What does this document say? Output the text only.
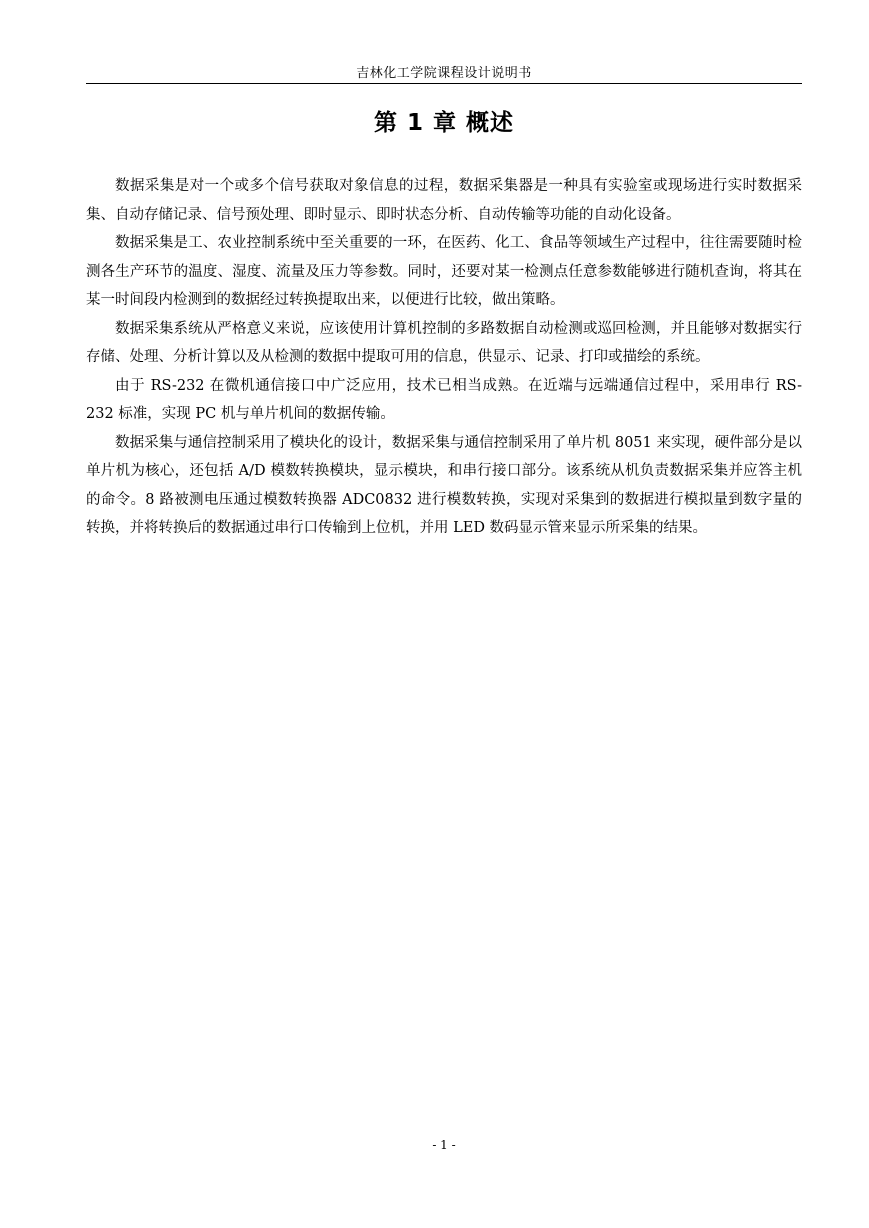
吉林化工学院课程设计说明书
第 1 章 概述

数据采集是对一个或多个信号获取对象信息的过程，数据采集器是一种具有实验室或现场进行实时数据采集、自动存储记录、信号预处理、即时显示、即时状态分析、自动传输等功能的自动化设备。

数据采集是工、农业控制系统中至关重要的一环，在医药、化工、食品等领域生产过程中，往往需要随时检测各生产环节的温度、湿度、流量及压力等参数。同时，还要对某一检测点任意参数能够进行随机查询，将其在某一时间段内检测到的数据经过转换提取出来，以便进行比较，做出策略。

数据采集系统从严格意义来说，应该使用计算机控制的多路数据自动检测或巡回检测，并且能够对数据实行存储、处理、分析计算以及从检测的数据中提取可用的信息，供显示、记录、打印或描绘的系统。

由于 RS-232 在微机通信接口中广泛应用，技术已相当成熟。在近端与远端通信过程中，采用串行 RS-232 标准，实现 PC 机与单片机间的数据传输。

数据采集与通信控制采用了模块化的设计，数据采集与通信控制采用了单片机 8051 来实现，硬件部分是以单片机为核心，还包括 A/D 模数转换模块，显示模块，和串行接口部分。该系统从机负责数据采集并应答主机的命令。8 路被测电压通过模数转换器 ADC0832 进行模数转换，实现对采集到的数据进行模拟量到数字量的转换，并将转换后的数据通过串行口传输到上位机，并用 LED 数码显示管来显示所采集的结果。

- 1 -
